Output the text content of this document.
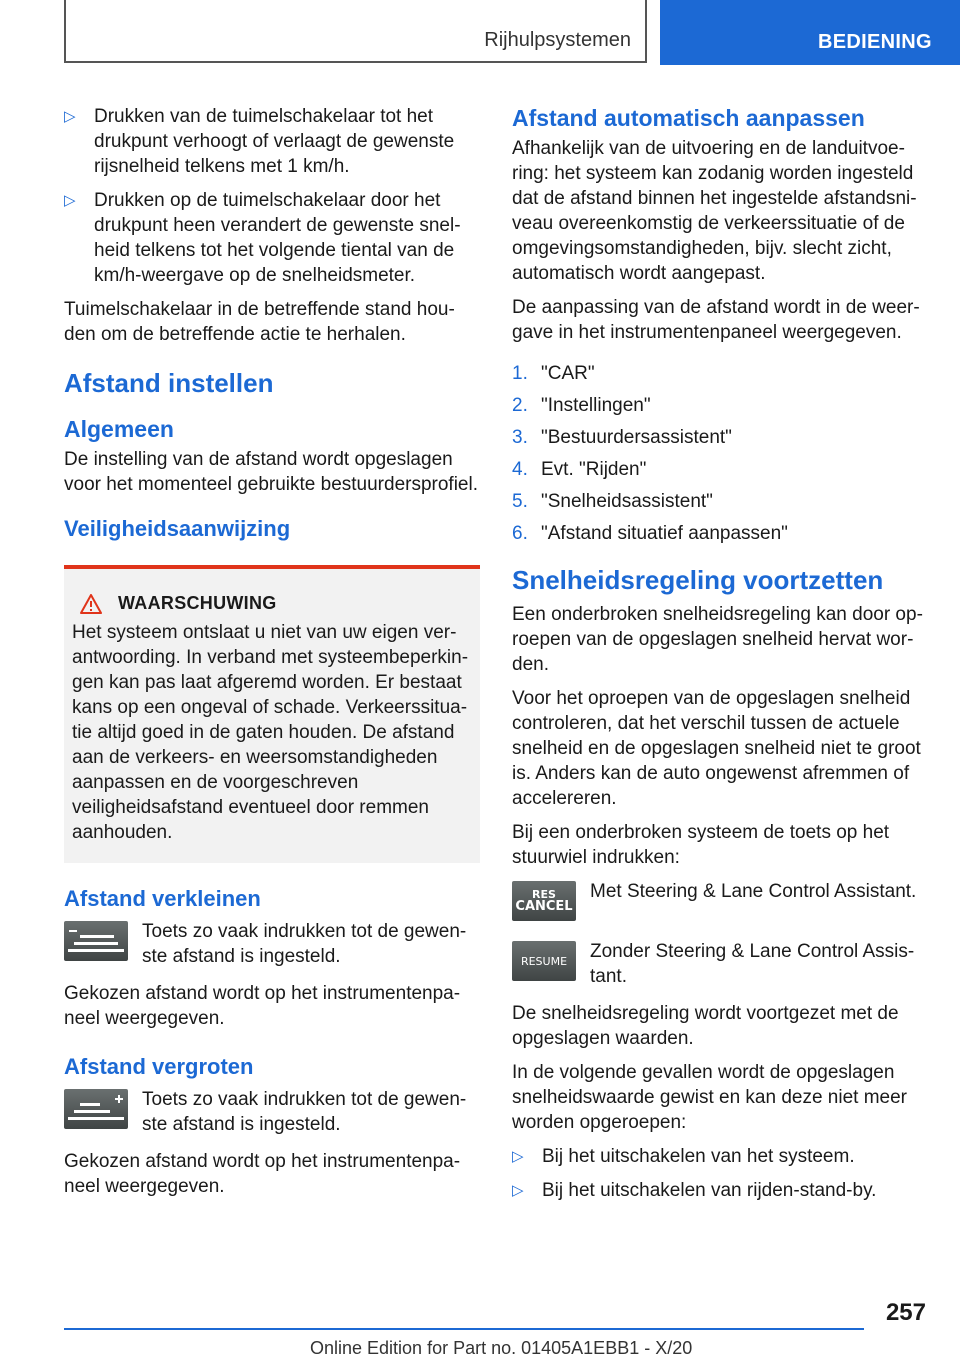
Rijhulpsystemen	BEDIENING
▷ Drukken van de tuimelschakelaar tot het drukpunt verhoogt of verlaagt de gewenste rijsnelheid telkens met 1 km/h.
▷ Drukken op de tuimelschakelaar door het drukpunt heen verandert de gewenste snelheid telkens tot het volgende tiental van de km/h-weergave op de snelheidsmeter.

Tuimelschakelaar in de betreffende stand houden om de betreffende actie te herhalen.

Afstand instellen
Algemeen

De instelling van de afstand wordt opgeslagen voor het momenteel gebruikte bestuurdersprofiel.

Veiligheidsaanwijzing
WAARSCHUWING
Het systeem ontslaat u niet van uw eigen verantwoording. In verband met systeembeperkingen kan pas laat afgeremd worden. Er bestaat kans op een ongeval of schade. Verkeerssituatie altijd goed in de gaten houden. De afstand aan de verkeers- en weersomstandigheden aanpassen en de voorgeschreven veiligheidsafstand eventueel door remmen aanhouden.
Afstand verkleinen
Toets zo vaak indrukken tot de gewenste afstand is ingesteld.

Gekozen afstand wordt op het instrumentenpaneel weergegeven.

Afstand vergroten
Toets zo vaak indrukken tot de gewenste afstand is ingesteld.

Gekozen afstand wordt op het instrumentenpaneel weergegeven.

Afstand automatisch aanpassen

Afhankelijk van de uitvoering en de landuitvoering: het systeem kan zodanig worden ingesteld dat de afstand binnen het ingestelde afstandsniveau overeenkomstig de verkeerssituatie of de omgevingsomstandigheden, bijv. slecht zicht, automatisch wordt aangepast.

De aanpassing van de afstand wordt in de weergave in het instrumentenpaneel weergegeven.

1. "CAR"
2. "Instellingen"
3. "Bestuurdersassistent"
4. Evt. "Rijden"
5. "Snelheidsassistent"
6. "Afstand situatief aanpassen"
Snelheidsregeling voortzetten

Een onderbroken snelheidsregeling kan door oproepen van de opgeslagen snelheid hervat worden.

Voor het oproepen van de opgeslagen snelheid controleren, dat het verschil tussen de actuele snelheid en de opgeslagen snelheid niet te groot is. Anders kan de auto ongewenst afremmen of accelereren.

Bij een onderbroken systeem de toets op het stuurwiel indrukken:

RES
CANCEL
Met Steering & Lane Control Assistant.
RESUME Zonder Steering & Lane Control Assistant.

De snelheidsregeling wordt voortgezet met de opgeslagen waarden.

In de volgende gevallen wordt de opgeslagen snelheidswaarde gewist en kan deze niet meer worden opgeroepen:

▷ Bij het uitschakelen van het systeem.
▷ Bij het uitschakelen van rijden-stand-by.
257
Online Edition for Part no. 01405A1EBB1 - X/20
